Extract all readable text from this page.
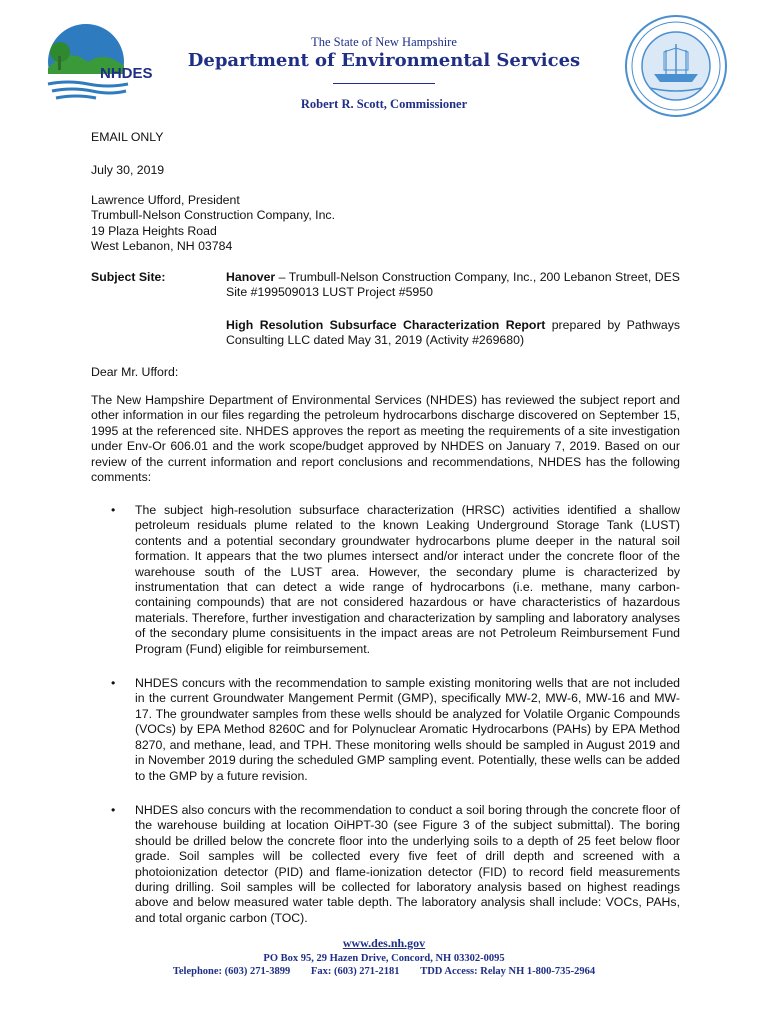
NHDES
The State of New Hampshire
Department of Environmental Services
Robert R. Scott, Commissioner
EMAIL ONLY
July 30, 2019
Lawrence Ufford, President
Trumbull-Nelson Construction Company, Inc.
19 Plaza Heights Road
West Lebanon, NH 03784
Subject Site:	Hanover – Trumbull-Nelson Construction Company, Inc., 200 Lebanon Street, DES Site #199509013 LUST Project #5950
High Resolution Subsurface Characterization Report prepared by Pathways Consulting LLC dated May 31, 2019 (Activity #269680)
Dear Mr. Ufford:
The New Hampshire Department of Environmental Services (NHDES) has reviewed the subject report and other information in our files regarding the petroleum hydrocarbons discharge discovered on September 15, 1995 at the referenced site. NHDES approves the report as meeting the requirements of a site investigation under Env-Or 606.01 and the work scope/budget approved by NHDES on January 7, 2019. Based on our review of the current information and report conclusions and recommendations, NHDES has the following comments:
• The subject high-resolution subsurface characterization (HRSC) activities identified a shallow petroleum residuals plume related to the known Leaking Underground Storage Tank (LUST) contents and a potential secondary groundwater hydrocarbons plume deeper in the natural soil formation. It appears that the two plumes intersect and/or interact under the concrete floor of the warehouse south of the LUST area. However, the secondary plume is characterized by instrumentation that can detect a wide range of hydrocarbons (i.e. methane, many carbon-containing compounds) that are not considered hazardous or have characteristics of hazardous materials. Therefore, further investigation and characterization by sampling and laboratory analyses of the secondary plume consisituents in the impact areas are not Petroleum Reimbursement Fund Program (Fund) eligible for reimbursement.
• NHDES concurs with the recommendation to sample existing monitoring wells that are not included in the current Groundwater Mangement Permit (GMP), specifically MW-2, MW-6, MW-16 and MW-17. The groundwater samples from these wells should be analyzed for Volatile Organic Compounds (VOCs) by EPA Method 8260C and for Polynuclear Aromatic Hydrocarbons (PAHs) by EPA Method 8270, and methane, lead, and TPH. These monitoring wells should be sampled in August 2019 and in November 2019 during the scheduled GMP sampling event. Potentially, these wells can be added to the GMP by a future revision.
• NHDES also concurs with the recommendation to conduct a soil boring through the concrete floor of the warehouse building at location OiHPT-30 (see Figure 3 of the subject submittal). The boring should be drilled below the concrete floor into the underlying soils to a depth of 25 feet below floor grade. Soil samples will be collected every five feet of drill depth and screened with a photoionization detector (PID) and flame-ionization detector (FID) to record field measurements during drilling. Soil samples will be collected for laboratory analysis based on highest readings above and below measured water table depth. The laboratory analysis shall include: VOCs, PAHs, and total organic carbon (TOC).
www.des.nh.gov
PO Box 95, 29 Hazen Drive, Concord, NH 03302-0095
Telephone: (603) 271-3899 Fax: (603) 271-2181 TDD Access: Relay NH 1-800-735-2964
